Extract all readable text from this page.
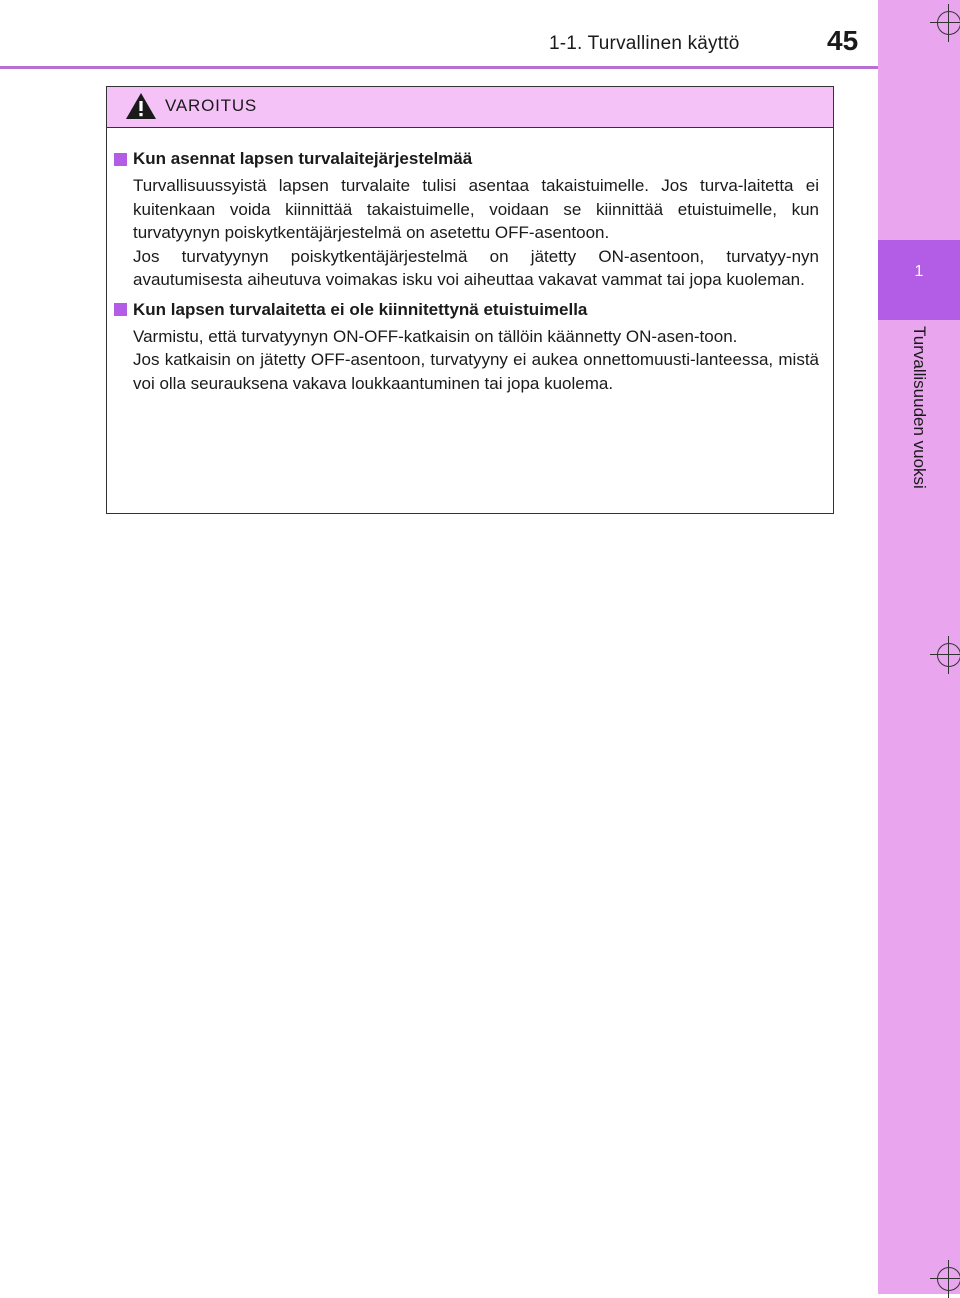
1-1. Turvallinen käyttö	45
1
Turvallisuuden vuoksi
VAROITUS
Kun asennat lapsen turvalaitejärjestelmää
Turvallisuussyistä lapsen turvalaite tulisi asentaa takaistuimelle. Jos turva-laitetta ei kuitenkaan voida kiinnittää takaistuimelle, voidaan se kiinnittää etuistuimelle, kun turvatyynyn poiskytkentäjärjestelmä on asetettu OFF-asentoon.
Jos turvatyynyn poiskytkentäjärjestelmä on jätetty ON-asentoon, turvatyy-nyn avautumisesta aiheutuva voimakas isku voi aiheuttaa vakavat vammat tai jopa kuoleman.
Kun lapsen turvalaitetta ei ole kiinnitettynä etuistuimella
Varmistu, että turvatyynyn ON-OFF-katkaisin on tällöin käännetty ON-asen-toon.
Jos katkaisin on jätetty OFF-asentoon, turvatyyny ei aukea onnettomuusti-lanteessa, mistä voi olla seurauksena vakava loukkaantuminen tai jopa kuolema.
